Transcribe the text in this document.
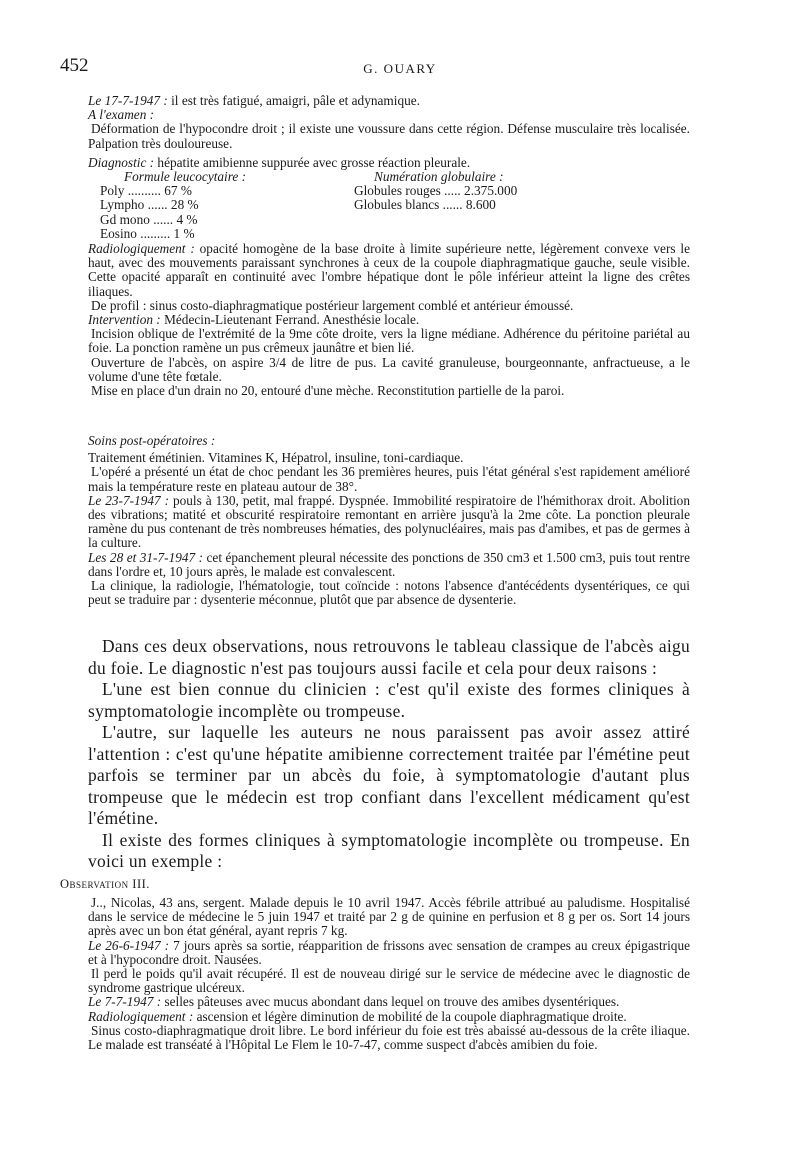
452	G. OUARY

Le 17-7-1947 : il est très fatigué, amaigri, pâle et adynamique.

A l'examen :

Déformation de l'hypocondre droit ; il existe une voussure dans cette région. Défense musculaire très localisée. Palpation très douloureuse.

Diagnostic : hépatite amibienne suppurée avec grosse réaction pleurale.

Formule leucocytaire :	Numération globulaire :
Poly .......... 67 %	Globules rouges ..... 2.375.000
Lympho ...... 28 %	Globules blancs ...... 8.600
Gd mono ...... 4 %
Eosino ......... 1 %

Radiologiquement : opacité homogène de la base droite à limite supérieure nette, légèrement convexe vers le haut, avec des mouvements paraissant synchrones à ceux de la coupole diaphragmatique gauche, seule visible. Cette opacité apparaît en continuité avec l'ombre hépatique dont le pôle inférieur atteint la ligne des crêtes iliaques.

De profil : sinus costo-diaphragmatique postérieur largement comblé et antérieur émoussé.

Intervention : Médecin-Lieutenant Ferrand. Anesthésie locale.

Incision oblique de l'extrémité de la 9me côte droite, vers la ligne médiane. Adhérence du péritoine pariétal au foie. La ponction ramène un pus crêmeux jaunâtre et bien lié.

Ouverture de l'abcès, on aspire 3/4 de litre de pus. La cavité granuleuse, bourgeonnante, anfractueuse, a le volume d'une tête fœtale.

Mise en place d'un drain no 20, entouré d'une mèche. Reconstitution partielle de la paroi.

Soins post-opératoires :

Traitement émétinien. Vitamines K, Hépatrol, insuline, toni-cardiaque.

L'opéré a présenté un état de choc pendant les 36 premières heures, puis l'état général s'est rapidement amélioré mais la température reste en plateau autour de 38°.

Le 23-7-1947 : pouls à 130, petit, mal frappé. Dyspnée. Immobilité respiratoire de l'hémithorax droit. Abolition des vibrations; matité et obscurité respiratoire remontant en arrière jusqu'à la 2me côte. La ponction pleurale ramène du pus contenant de très nombreuses hématies, des polynucléaires, mais pas d'amibes, et pas de germes à la culture.

Les 28 et 31-7-1947 : cet épanchement pleural nécessite des ponctions de 350 cm3 et 1.500 cm3, puis tout rentre dans l'ordre et, 10 jours après, le malade est convalescent.

La clinique, la radiologie, l'hématologie, tout coïncide : notons l'absence d'antécédents dysentériques, ce qui peut se traduire par : dysenterie méconnue, plutôt que par absence de dysenterie.

Dans ces deux observations, nous retrouvons le tableau classique de l'abcès aigu du foie. Le diagnostic n'est pas toujours aussi facile et cela pour deux raisons :

L'une est bien connue du clinicien : c'est qu'il existe des formes cliniques à symptomatologie incomplète ou trompeuse.

L'autre, sur laquelle les auteurs ne nous paraissent pas avoir assez attiré l'attention : c'est qu'une hépatite amibienne correctement traitée par l'émétine peut parfois se terminer par un abcès du foie, à symptomatologie d'autant plus trompeuse que le médecin est trop confiant dans l'excellent médicament qu'est l'émétine.

Il existe des formes cliniques à symptomatologie incomplète ou trompeuse. En voici un exemple :

Observation III.

J.., Nicolas, 43 ans, sergent. Malade depuis le 10 avril 1947. Accès fébrile attribué au paludisme. Hospitalisé dans le service de médecine le 5 juin 1947 et traité par 2 g de quinine en perfusion et 8 g per os. Sort 14 jours après avec un bon état général, ayant repris 7 kg.

Le 26-6-1947 : 7 jours après sa sortie, réapparition de frissons avec sensation de crampes au creux épigastrique et à l'hypocondre droit. Nausées.

Il perd le poids qu'il avait récupéré. Il est de nouveau dirigé sur le service de médecine avec le diagnostic de syndrome gastrique ulcéreux.

Le 7-7-1947 : selles pâteuses avec mucus abondant dans lequel on trouve des amibes dysentériques.

Radiologiquement : ascension et légère diminution de mobilité de la coupole diaphragmatique droite.

Sinus costo-diaphragmatique droit libre. Le bord inférieur du foie est très abaissé au-dessous de la crête iliaque. Le malade est transéaté à l'Hôpital Le Flem le 10-7-47, comme suspect d'abcès amibien du foie.
